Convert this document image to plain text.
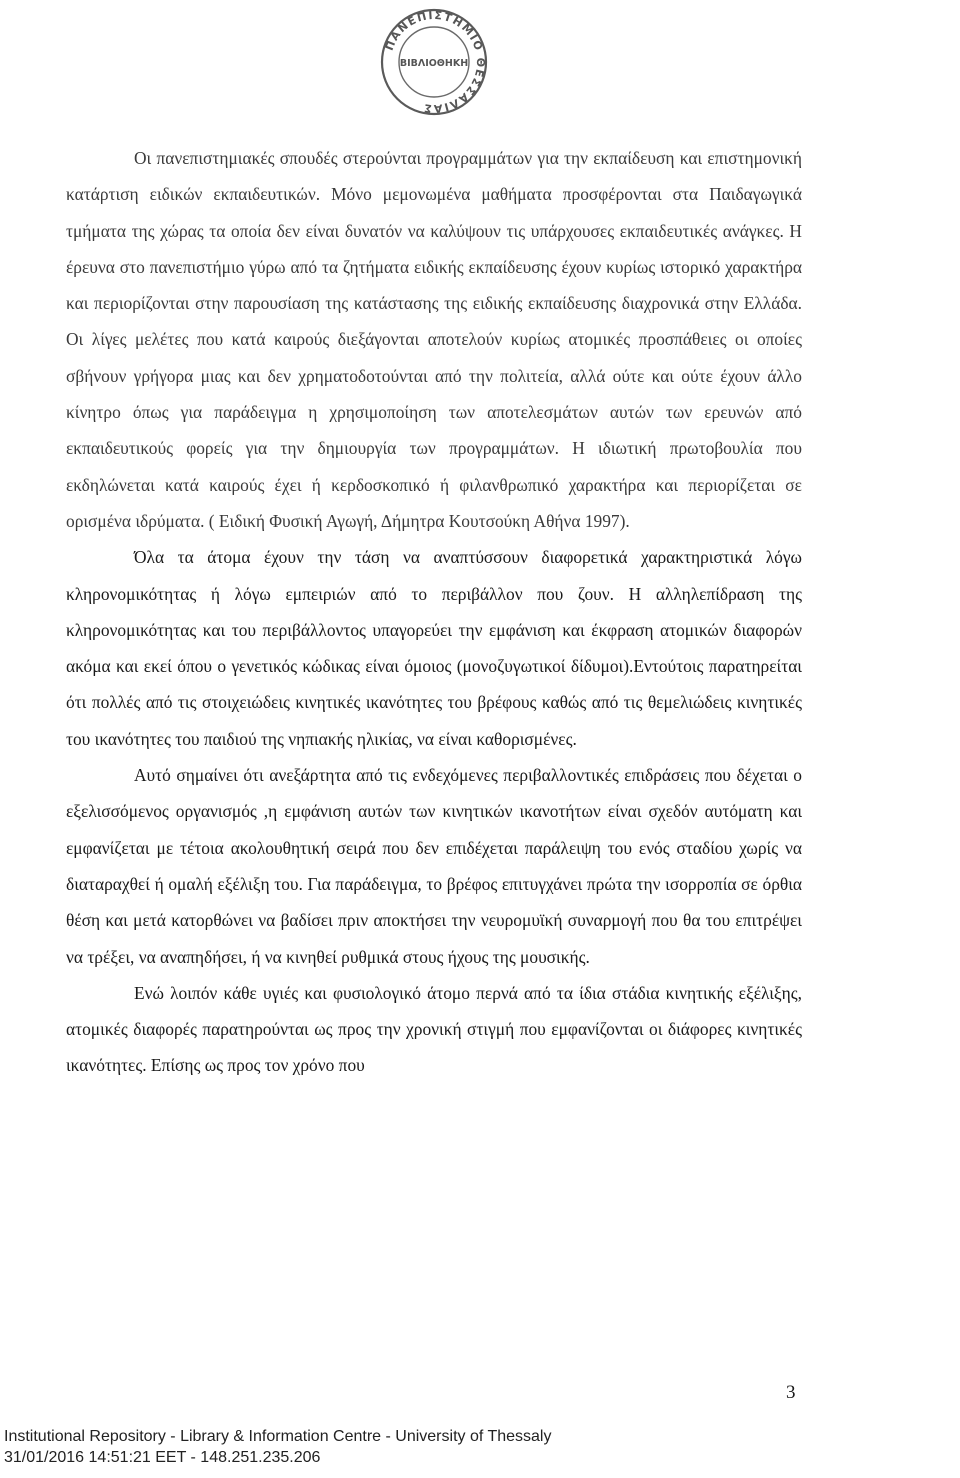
ΠΑΝΕΠΙΣΤΗΜΙΟ ΘΕΣΣΑΛΙΑΣ
ΒΙΒΛΙΟΘΗΚΗ

Οι πανεπιστημιακές σπουδές στερούνται προγραμμάτων για την εκπαίδευση και επιστημονική κατάρτιση ειδικών εκπαιδευτικών. Μόνο μεμονωμένα μαθήματα προσφέρονται στα Παιδαγωγικά τμήματα της χώρας τα οποία δεν είναι δυνατόν να καλύψουν τις υπάρχουσες εκπαιδευτικές ανάγκες. Η έρευνα στο πανεπιστήμιο γύρω από τα ζητήματα ειδικής εκπαίδευσης έχουν κυρίως ιστορικό χαρακτήρα και περιορίζονται στην παρουσίαση της κατάστασης της ειδικής εκπαίδευσης διαχρονικά στην Ελλάδα. Οι λίγες μελέτες που κατά καιρούς διεξάγονται αποτελούν κυρίως ατομικές προσπάθειες οι οποίες σβήνουν γρήγορα μιας και δεν χρηματοδοτούνται από την πολιτεία, αλλά ούτε και ούτε έχουν άλλο κίνητρο όπως για παράδειγμα η χρησιμοποίηση των αποτελεσμάτων αυτών των ερευνών από εκπαιδευτικούς φορείς για την δημιουργία των προγραμμάτων. Η ιδιωτική πρωτοβουλία που εκδηλώνεται κατά καιρούς έχει ή κερδοσκοπικό ή φιλανθρωπικό χαρακτήρα και περιορίζεται σε ορισμένα ιδρύματα. ( Ειδική Φυσική Αγωγή, Δήμητρα Κουτσούκη Αθήνα 1997).

Όλα τα άτομα έχουν την τάση να αναπτύσσουν διαφορετικά χαρακτηριστικά λόγω κληρονομικότητας ή λόγω εμπειριών από το περιβάλλον που ζουν. Η αλληλεπίδραση της κληρονομικότητας και του περιβάλλοντος υπαγορεύει την εμφάνιση και έκφραση ατομικών διαφορών ακόμα και εκεί όπου ο γενετικός κώδικας είναι όμοιος (μονοζυγωτικοί δίδυμοι).Εντούτοις παρατηρείται ότι πολλές από τις στοιχειώδεις κινητικές ικανότητες του βρέφους καθώς από τις θεμελιώδεις κινητικές του ικανότητες του παιδιού της νηπιακής ηλικίας, να είναι καθορισμένες.

Αυτό σημαίνει ότι ανεξάρτητα από τις ενδεχόμενες περιβαλλοντικές επιδράσεις που δέχεται ο εξελισσόμενος οργανισμός ,η εμφάνιση αυτών των κινητικών ικανοτήτων είναι σχεδόν αυτόματη και εμφανίζεται με τέτοια ακολουθητική σειρά που δεν επιδέχεται παράλειψη του ενός σταδίου χωρίς να διαταραχθεί ή ομαλή εξέλιξη του. Για παράδειγμα, το βρέφος επιτυγχάνει πρώτα την ισορροπία σε όρθια θέση και μετά κατορθώνει να βαδίσει πριν αποκτήσει την νευρομυϊκή συναρμογή που θα του επιτρέψει να τρέξει, να αναπηδήσει, ή να κινηθεί ρυθμικά στους ήχους της μουσικής.

Ενώ λοιπόν κάθε υγιές και φυσιολογικό άτομο περνά από τα ίδια στάδια κινητικής εξέλιξης, ατομικές διαφορές παρατηρούνται ως προς την χρονική στιγμή που εμφανίζονται οι διάφορες κινητικές ικανότητες. Επίσης ως προς τον χρόνο που

3
Institutional Repository - Library & Information Centre - University of Thessaly
31/01/2016 14:51:21 EET - 148.251.235.206
